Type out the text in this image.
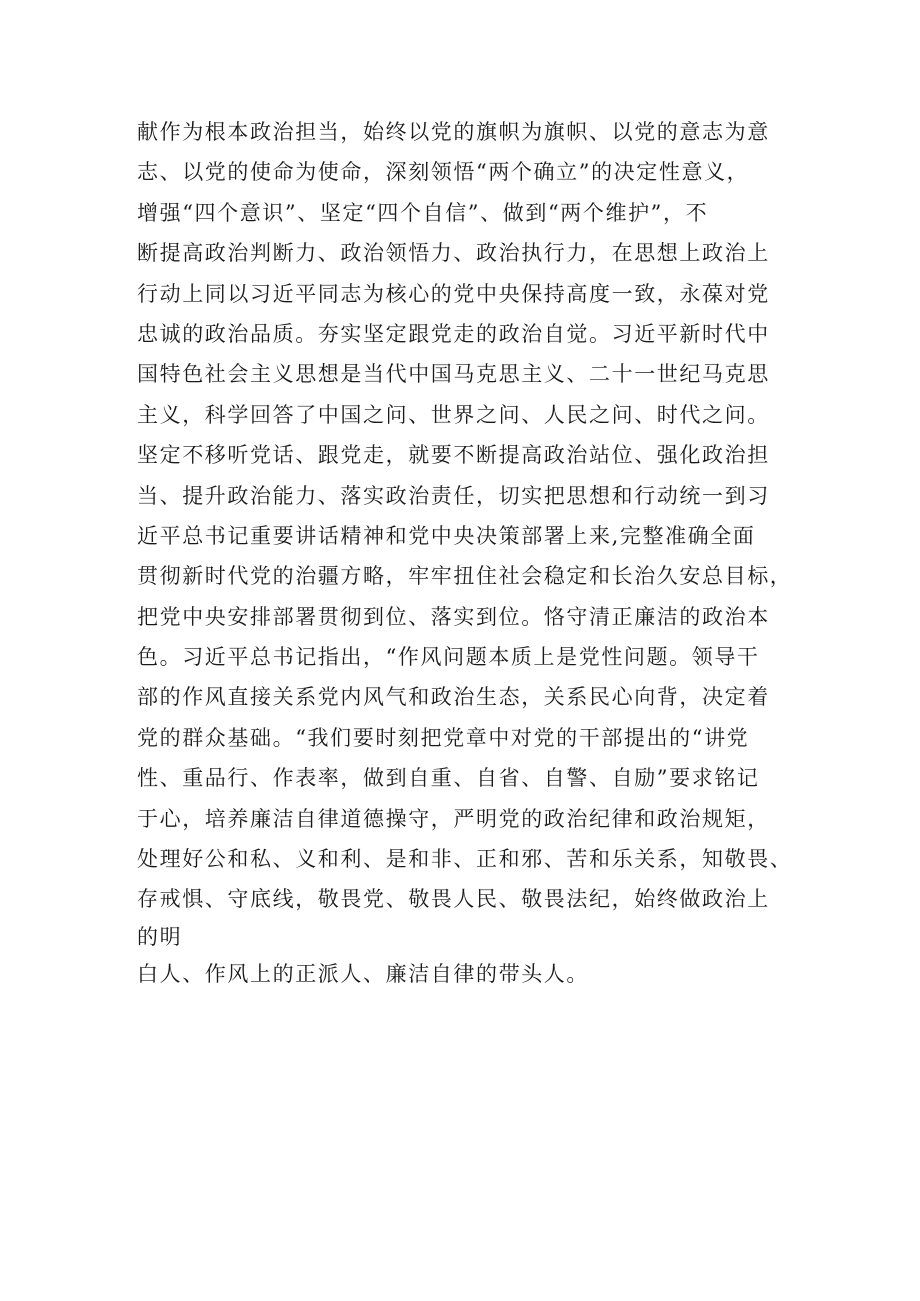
献作为根本政治担当，始终以党的旗帜为旗帜、以党的意志为意
志、以党的使命为使命，深刻领悟“两个确立”的决定性意义，
增强“四个意识”、坚定“四个自信”、做到“两个维护”，不
断提高政治判断力、政治领悟力、政治执行力，在思想上政治上
行动上同以习近平同志为核心的党中央保持高度一致，永葆对党
忠诚的政治品质。夯实坚定跟党走的政治自觉。习近平新时代中
国特色社会主义思想是当代中国马克思主义、二十一世纪马克思
主义，科学回答了中国之问、世界之问、人民之问、时代之问。
坚定不移听党话、跟党走，就要不断提高政治站位、强化政治担
当、提升政治能力、落实政治责任，切实把思想和行动统一到习
近平总书记重要讲话精神和党中央决策部署上来,完整准确全面
贯彻新时代党的治疆方略，牢牢扭住社会稳定和长治久安总目标，
把党中央安排部署贯彻到位、落实到位。恪守清正廉洁的政治本
色。习近平总书记指出，“作风问题本质上是党性问题。领导干
部的作风直接关系党内风气和政治生态，关系民心向背，决定着
党的群众基础。“我们要时刻把党章中对党的干部提出的“讲党
性、重品行、作表率，做到自重、自省、自警、自励”要求铭记
于心，培养廉洁自律道德操守，严明党的政治纪律和政治规矩，
处理好公和私、义和利、是和非、正和邪、苦和乐关系，知敬畏、
存戒惧、守底线，敬畏党、敬畏人民、敬畏法纪，始终做政治上
的明
白人、作风上的正派人、廉洁自律的带头人。
